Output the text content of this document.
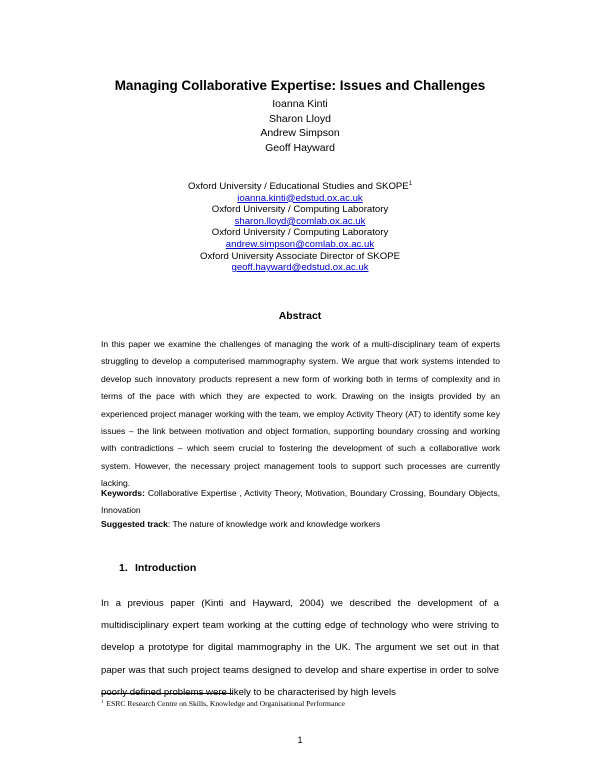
Managing Collaborative Expertise: Issues and Challenges
Ioanna Kinti
Sharon Lloyd
Andrew Simpson
Geoff Hayward
Oxford University / Educational Studies and SKOPE$^1$
ioanna.kinti@edstud.ox.ac.uk
Oxford University / Computing Laboratory
sharon.lloyd@comlab.ox.ac.uk
Oxford University / Computing Laboratory
andrew.simpson@comlab.ox.ac.uk
Oxford University Associate Director of SKOPE
geoff.hayward@edstud.ox.ac.uk
Abstract

In this paper we examine the challenges of managing the work of a multi-disciplinary team of experts struggling to develop a computerised mammography system. We argue that work systems intended to develop such innovatory products represent a new form of working both in terms of complexity and in terms of the pace with which they are expected to work. Drawing on the insigts provided by an experienced project manager working with the team, we employ Activity Theory (AT) to identify some key issues – the link between motivation and object formation, supporting boundary crossing and working with contradictions – which seem crucial to fostering the development of such a collaborative work system. However, the necessary project management tools to support such processes are currently lacking.

Keywords: Collaborative Expertise , Activity Theory, Motivation, Boundary Crossing, Boundary Objects, Innovation

Suggested track: The nature of knowledge work and knowledge workers

1. Introduction

In a previous paper (Kinti and Hayward, 2004) we described the development of a multidisciplinary expert team working at the cutting edge of technology who were striving to develop a prototype for digital mammography in the UK. The argument we set out in that paper was that such project teams designed to develop and share expertise in order to solve poorly defined problems were likely to be characterised by high levels

$^1$ ESRC Research Centre on Skills, Knowledge and Organisational Performance
1
